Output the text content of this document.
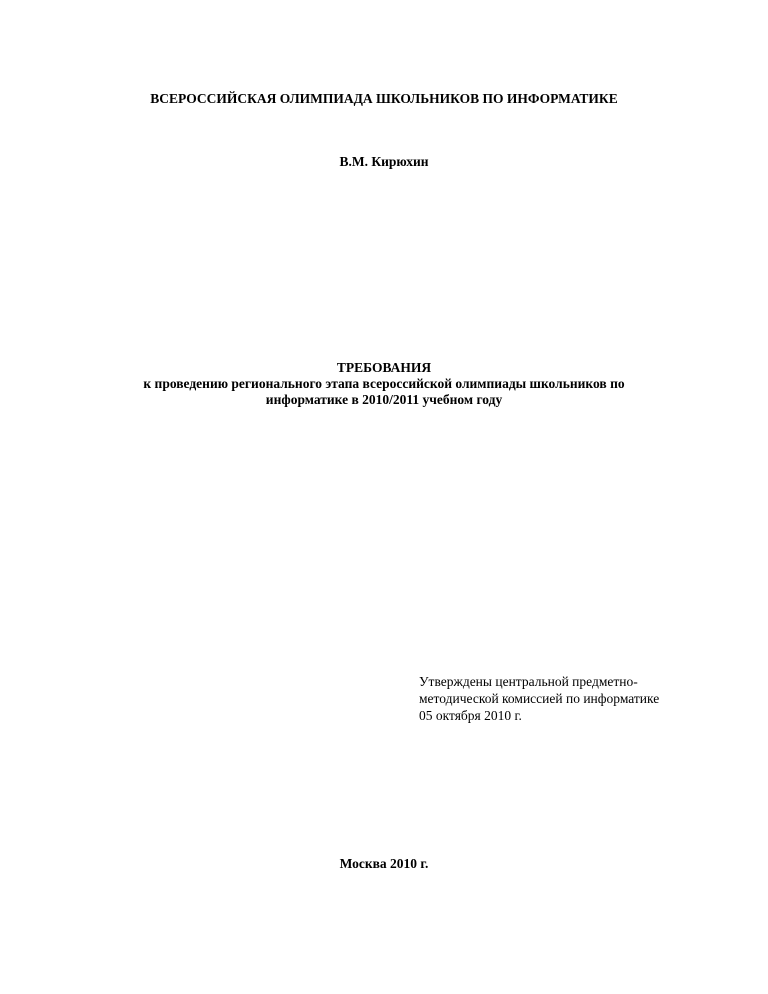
ВСЕРОССИЙСКАЯ ОЛИМПИАДА ШКОЛЬНИКОВ ПО ИНФОРМАТИКЕ
В.М. Кирюхин
ТРЕБОВАНИЯ
к проведению регионального этапа всероссийской олимпиады школьников по
информатике в 2010/2011 учебном году
Утверждены центральной предметно-
методической комиссией по информатике
05 октября 2010 г.
Москва 2010 г.
